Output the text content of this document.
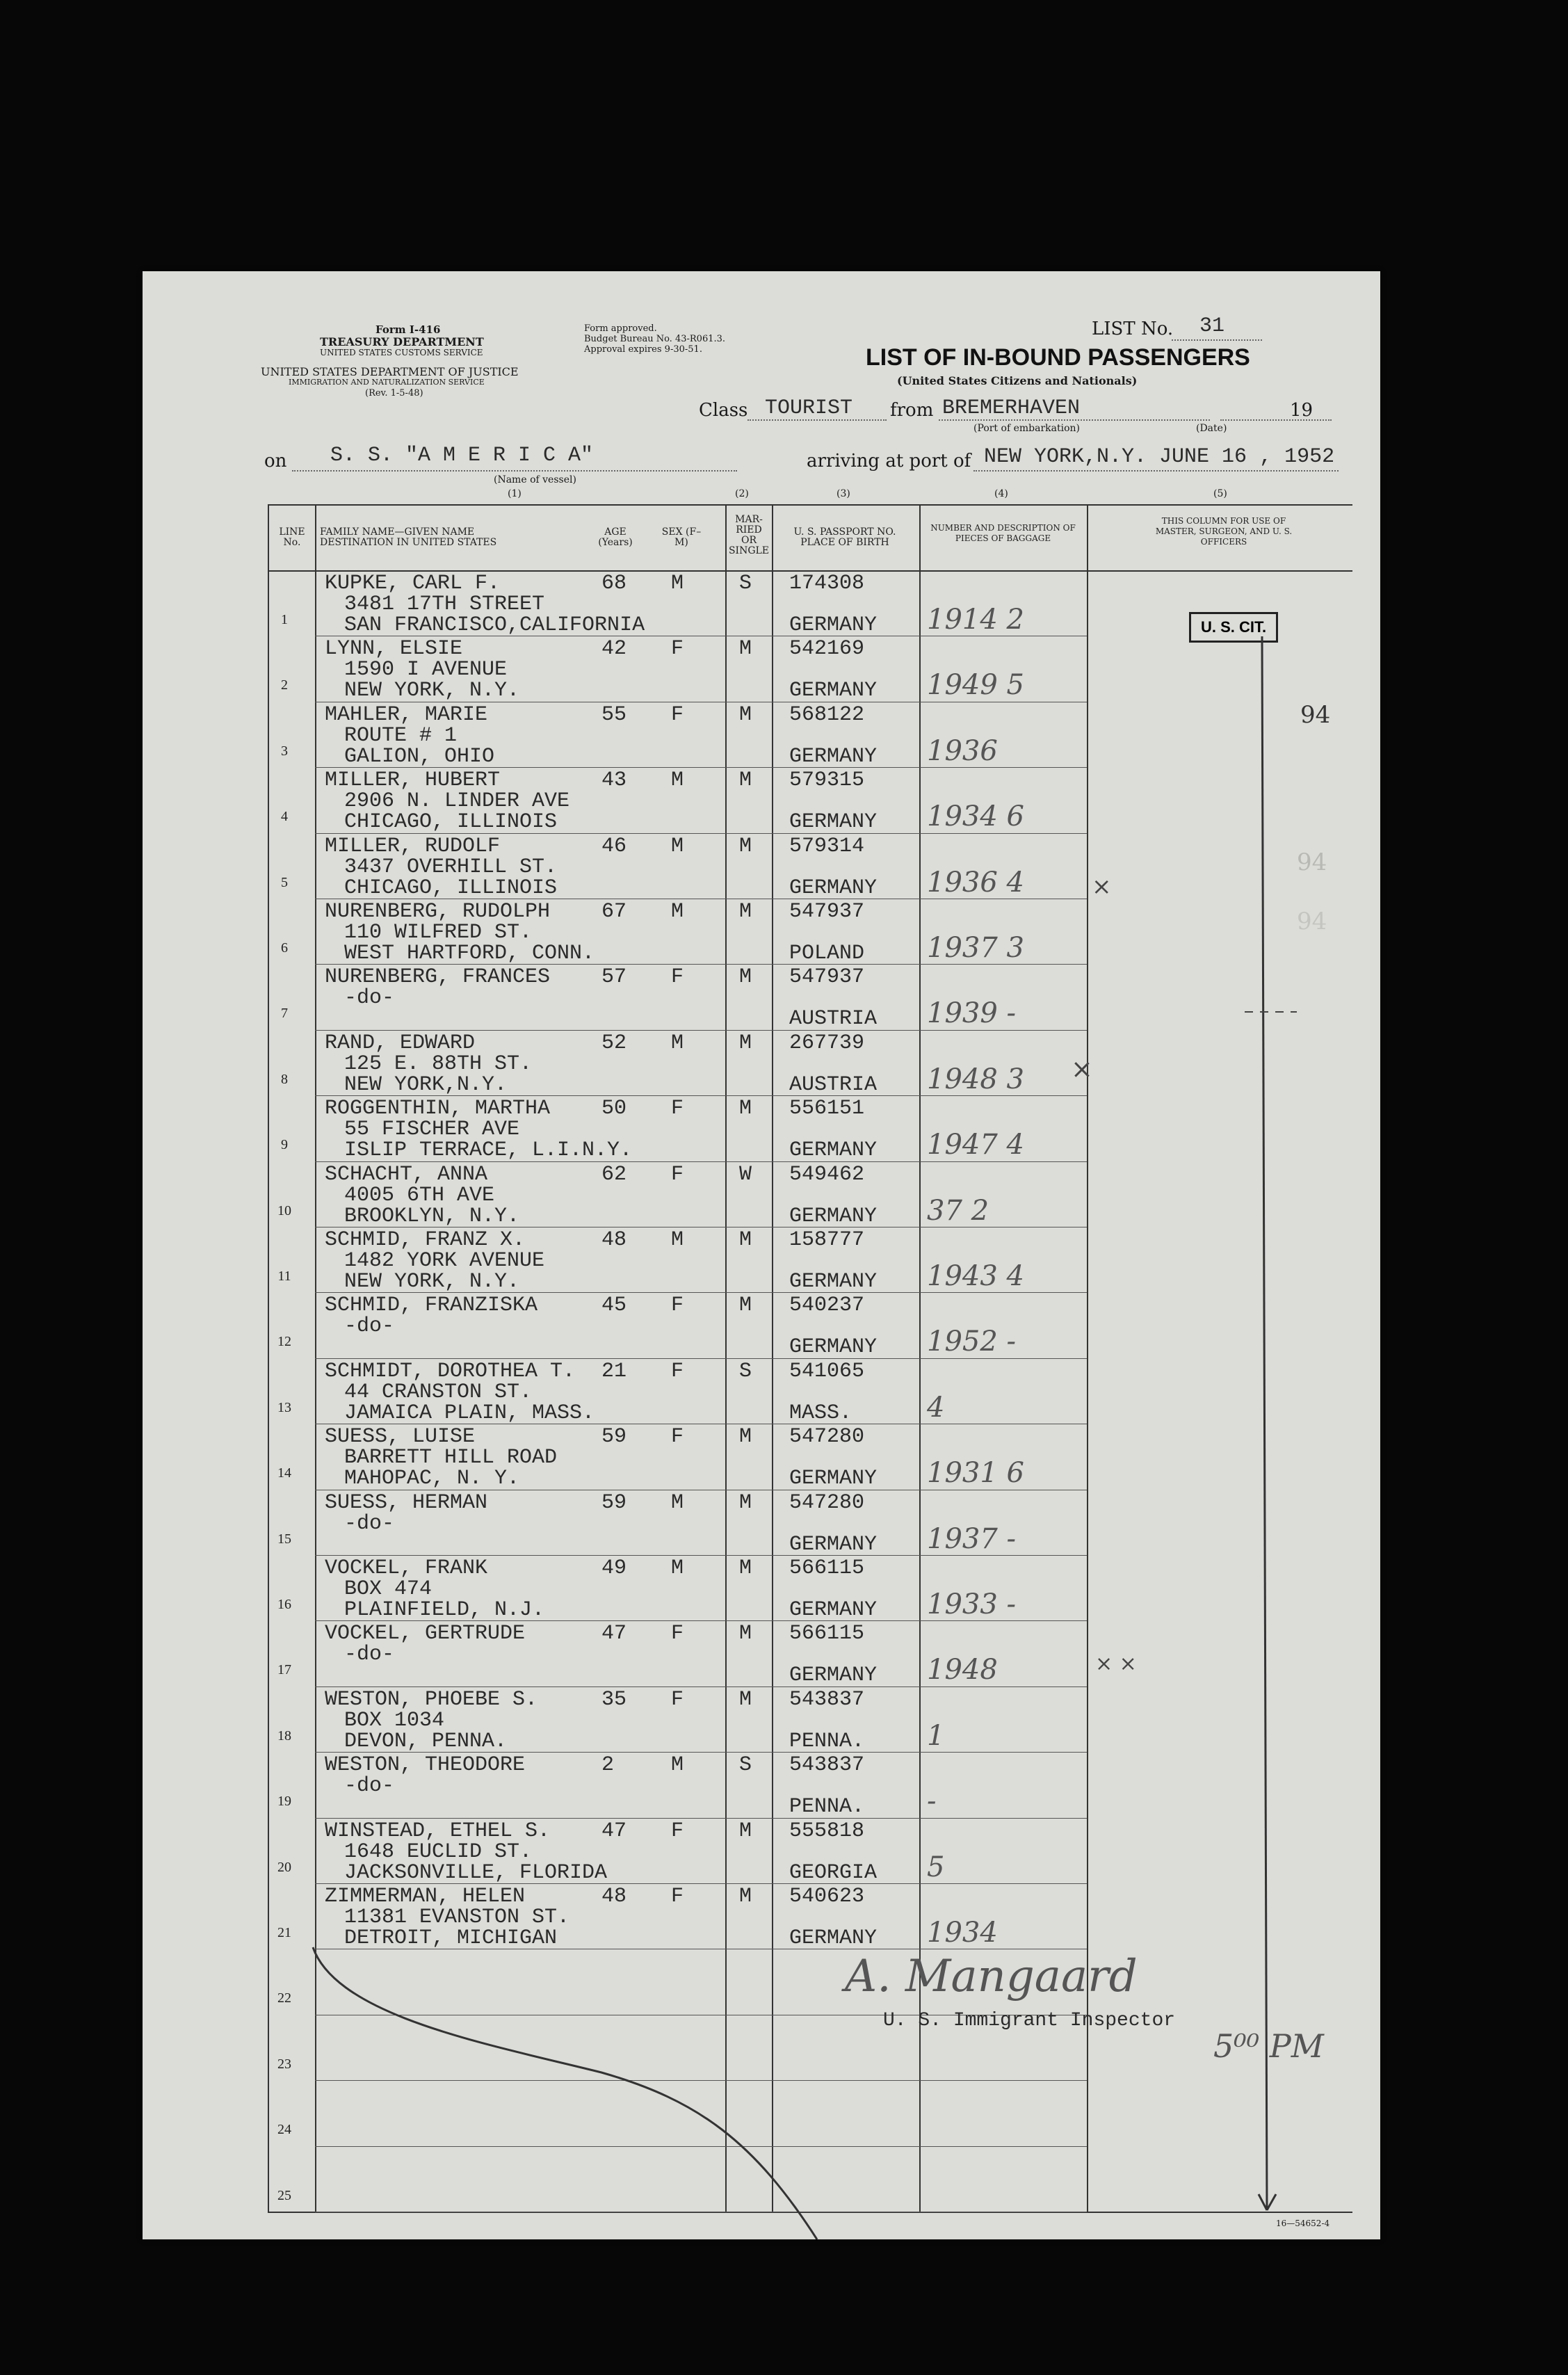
Form I-416
TREASURY DEPARTMENT
UNITED STATES CUSTOMS SERVICE
UNITED STATES DEPARTMENT OF JUSTICE
IMMIGRATION AND NATURALIZATION SERVICE
(Rev. 1-5-48)
Form approved.
Budget Bureau No. 43-R061.3.
Approval expires 9-30-51.
LIST No. 31
LIST OF IN-BOUND PASSENGERS
(United States Citizens and Nationals)
Class TOURIST from BREMERHAVEN
(Port of embarkation)	(Date)
19
on S. S. "A M E R I C A"
(Name of vessel)
arriving at port of NEW YORK,N.Y. JUNE 16 , 1952
(1)	(2)	(3)	(4)	(5)
LINE No.
FAMILY NAME—GIVEN NAME DESTINATION IN UNITED STATES
AGE (Years)
SEX (F–M)
MAR-RIED OR SINGLE
U. S. PASSPORT NO. PLACE OF BIRTH
NUMBER AND DESCRIPTION OF PIECES OF BAGGAGE
THIS COLUMN FOR USE OF MASTER, SURGEON, AND U. S. OFFICERS
1
KUPKE, CARL F.
3481 17TH STREET
SAN FRANCISCO,CALIFORNIA
68 M	S 174308
GERMANY 1914 2
2
LYNN, ELSIE
1590 I AVENUE
NEW YORK, N.Y.
42 F	M 542169
GERMANY 1949 5
3
MAHLER, MARIE
ROUTE # 1
GALION, OHIO
55 F	M 568122
GERMANY 1936
4
MILLER, HUBERT
2906 N. LINDER AVE
CHICAGO, ILLINOIS
43 M	M 579315
GERMANY 1934 6
5
MILLER, RUDOLF
3437 OVERHILL ST.
CHICAGO, ILLINOIS
46 M	M 579314
GERMANY 1936 4
6
NURENBERG, RUDOLPH
110 WILFRED ST.
WEST HARTFORD, CONN.
67 M	M 547937
POLAND 1937 3
7
NURENBERG, FRANCES
-do-
57 F	M 547937
AUSTRIA 1939 -
8
RAND, EDWARD
125 E. 88TH ST.
NEW YORK,N.Y.
52 M	M 267739
AUSTRIA 1948 3
9
ROGGENTHIN, MARTHA
55 FISCHER AVE
ISLIP TERRACE, L.I.N.Y.
50 F	M 556151
GERMANY 1947 4
10
SCHACHT, ANNA
4005 6TH AVE
BROOKLYN, N.Y.
62 F	W 549462
GERMANY 37 2
11
SCHMID, FRANZ X.
1482 YORK AVENUE
NEW YORK, N.Y.
48 M	M 158777
GERMANY 1943 4
12
SCHMID, FRANZISKA
-do-
45 F	M 540237
GERMANY 1952 -
13
SCHMIDT, DOROTHEA T.
44 CRANSTON ST.
JAMAICA PLAIN, MASS.
21 F	S 541065
MASS.	4
14
SUESS, LUISE
BARRETT HILL ROAD
MAHOPAC, N. Y.
59 F	M 547280
GERMANY 1931 6
15
SUESS, HERMAN
-do-
59 M	M 547280
GERMANY 1937 -
16
VOCKEL, FRANK
BOX 474
PLAINFIELD, N.J.
49 M	M 566115
GERMANY 1933 -
17
VOCKEL, GERTRUDE
-do-
47 F	M 566115
GERMANY 1948
18
WESTON, PHOEBE S.
BOX 1034
DEVON, PENNA.
35 F	M 543837
PENNA. 1
19
WESTON, THEODORE
-do-
2	M	S 543837
PENNA. -
20
WINSTEAD, ETHEL S.
1648 EUCLID ST.
JACKSONVILLE, FLORIDA
47 F	M 555818
GEORGIA 5
21
ZIMMERMAN, HELEN
11381 EVANSTON ST.
DETROIT, MICHIGAN
48 F	M 540623
GERMANY 1934
22
23
24
25
U. S. CIT.
94
94
94
×
×
× ×
A. Mangaard
U. S. Immigrant Inspector
5⁰⁰ PM
16—54652-4
